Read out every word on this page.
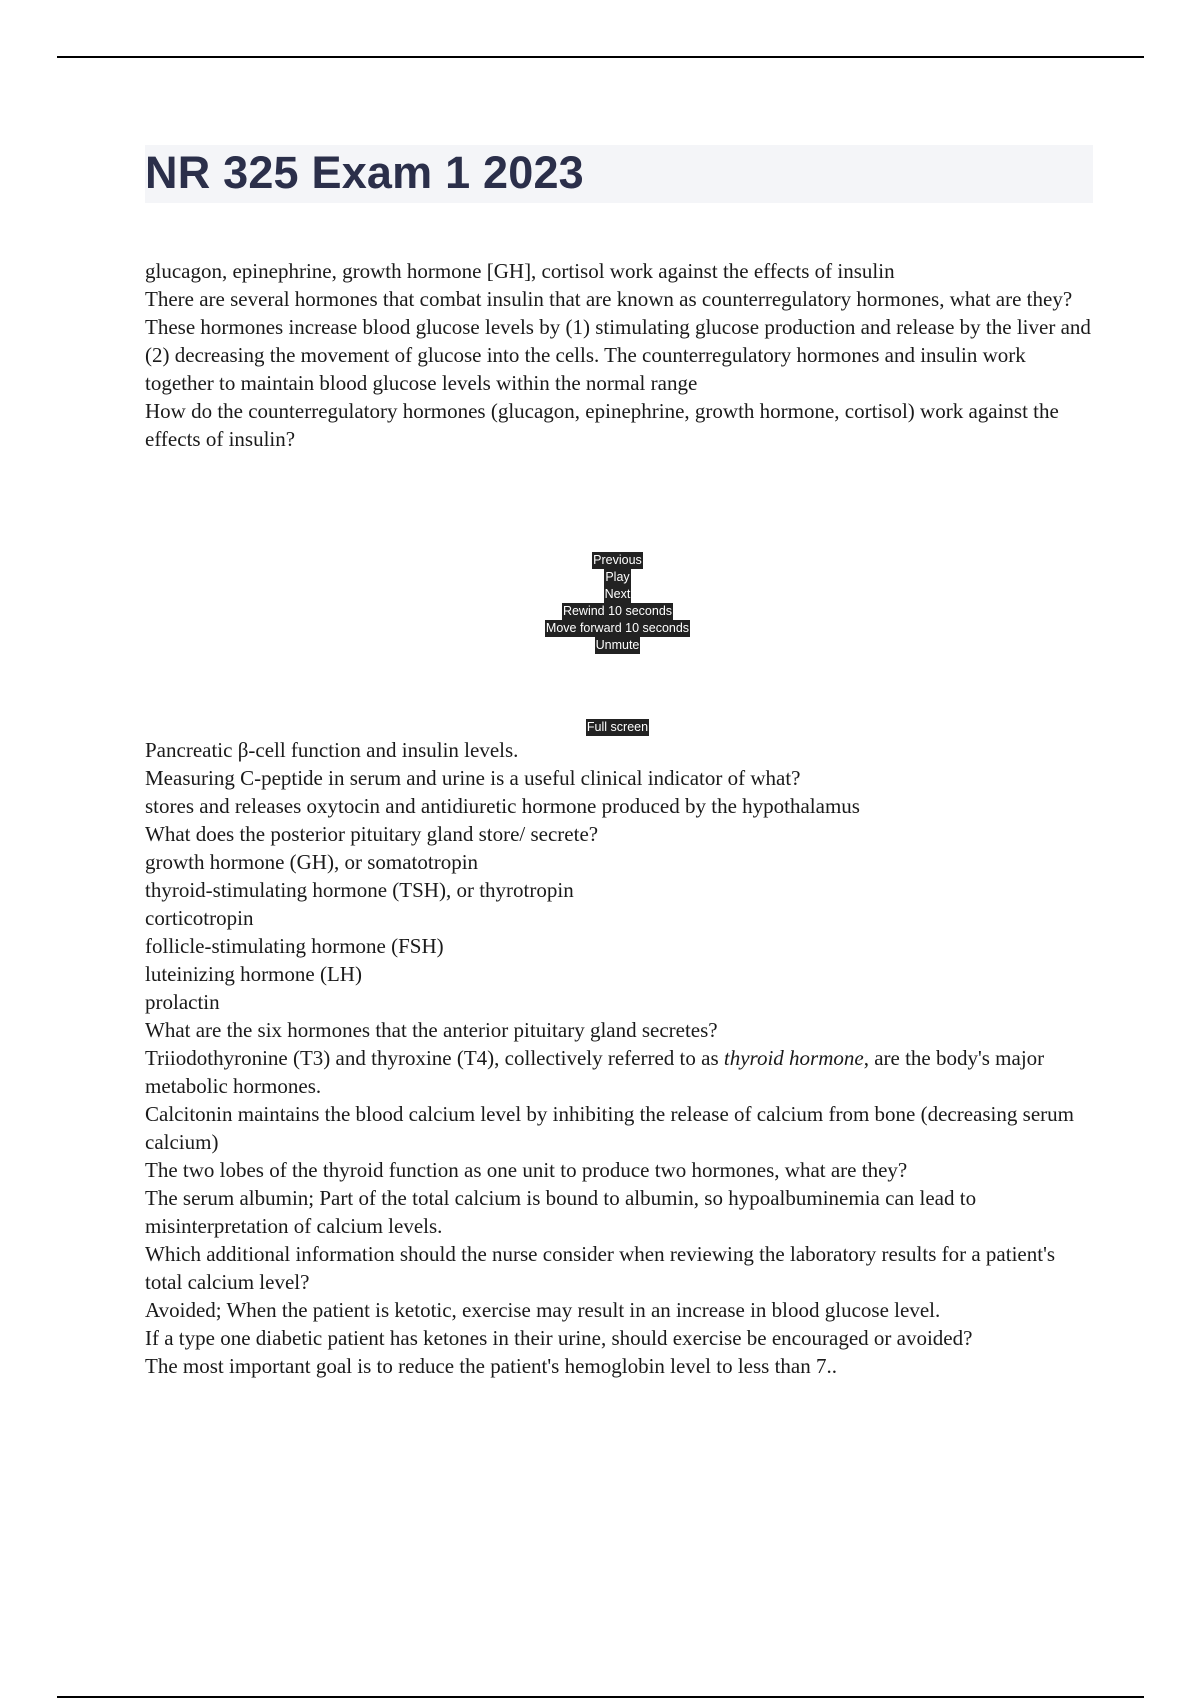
NR 325 Exam 1 2023

glucagon, epinephrine, growth hormone [GH], cortisol work against the effects of insulin

There are several hormones that combat insulin that are known as counterregulatory hormones, what are they?

These hormones increase blood glucose levels by (1) stimulating glucose production and release by the liver and (2) decreasing the movement of glucose into the cells. The counterregulatory hormones and insulin work together to maintain blood glucose levels within the normal range

How do the counterregulatory hormones (glucagon, epinephrine, growth hormone, cortisol) work against the effects of insulin?

Previous
Play
Next
Rewind 10 seconds
Move forward 10 seconds
Unmute
Full screen

Pancreatic β-cell function and insulin levels.

Measuring C-peptide in serum and urine is a useful clinical indicator of what?

stores and releases oxytocin and antidiuretic hormone produced by the hypothalamus

What does the posterior pituitary gland store/ secrete?

growth hormone (GH), or somatotropin

thyroid-stimulating hormone (TSH), or thyrotropin

corticotropin

follicle-stimulating hormone (FSH)

luteinizing hormone (LH)

prolactin

What are the six hormones that the anterior pituitary gland secretes?

Triiodothyronine (T3) and thyroxine (T4), collectively referred to as thyroid hormone, are the body's major metabolic hormones.

Calcitonin maintains the blood calcium level by inhibiting the release of calcium from bone (decreasing serum calcium)

The two lobes of the thyroid function as one unit to produce two hormones, what are they?

The serum albumin; Part of the total calcium is bound to albumin, so hypoalbuminemia can lead to misinterpretation of calcium levels.

Which additional information should the nurse consider when reviewing the laboratory results for a patient's total calcium level?

Avoided; When the patient is ketotic, exercise may result in an increase in blood glucose level.

If a type one diabetic patient has ketones in their urine, should exercise be encouraged or avoided?

The most important goal is to reduce the patient's hemoglobin level to less than 7..
